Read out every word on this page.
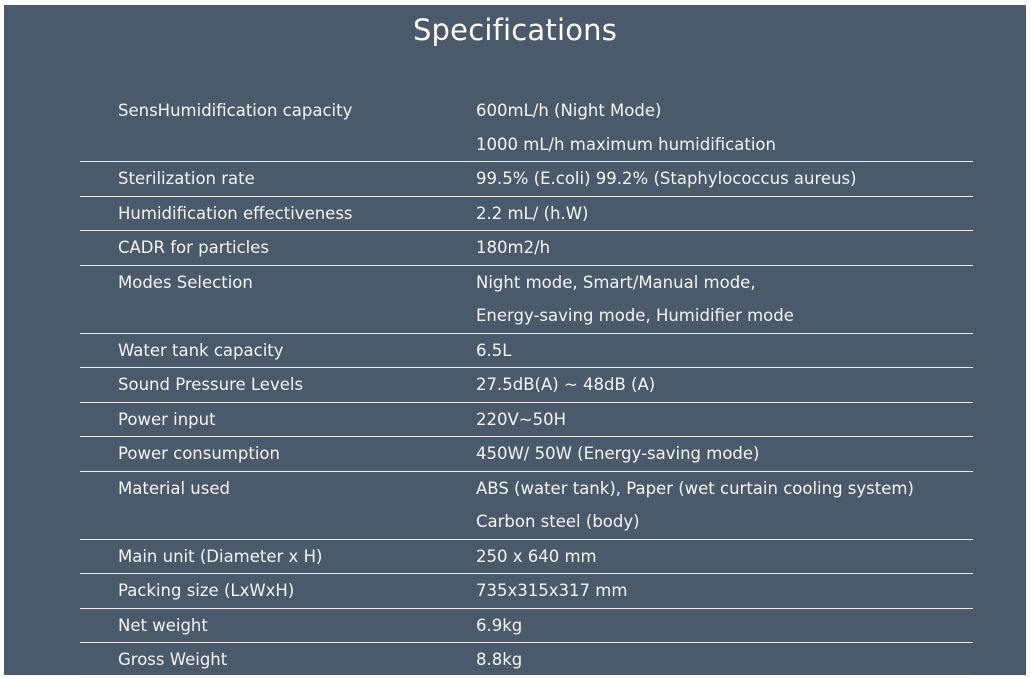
Specifications
SensHumidification capacity	600mL/h (Night Mode)
1000 mL/h maximum humidification
Sterilization rate	99.5% (E.coli) 99.2% (Staphylococcus aureus)
Humidification effectiveness	2.2 mL/ (h.W)
CADR for particles	180m2/h
Modes Selection	Night mode, Smart/Manual mode,
Energy-saving mode, Humidifier mode
Water tank capacity	6.5L
Sound Pressure Levels	27.5dB(A) ~ 48dB (A)
Power input	220V~50H
Power consumption	450W/ 50W (Energy-saving mode)
Material used	ABS (water tank), Paper (wet curtain cooling system)
Carbon steel (body)
Main unit (Diameter x H)	250 x 640 mm
Packing size (LxWxH)	735x315x317 mm
Net weight	6.9kg
Gross Weight	8.8kg
